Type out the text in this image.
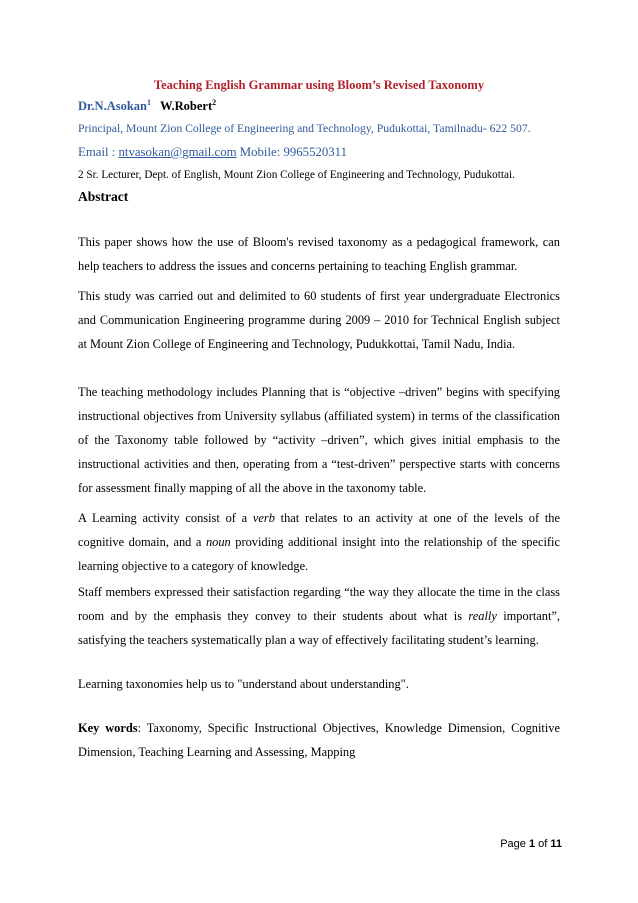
Teaching English Grammar using Bloom’s Revised Taxonomy
Dr.N.Asokan$^1$ W.Robert$^2$
Principal, Mount Zion College of Engineering and Technology, Pudukottai, Tamilnadu- 622 507.
Email : ntvasokan@gmail.com Mobile: 9965520311
2 Sr. Lecturer, Dept. of English, Mount Zion College of Engineering and Technology, Pudukottai.
Abstract

This paper shows how the use of Bloom's revised taxonomy as a pedagogical framework, can help teachers to address the issues and concerns pertaining to teaching English grammar.

This study was carried out and delimited to 60 students of first year undergraduate Electronics and Communication Engineering programme during 2009 – 2010 for Technical English subject at Mount Zion College of Engineering and Technology, Pudukkottai, Tamil Nadu, India.

The teaching methodology includes Planning that is “objective –driven” begins with specifying instructional objectives from University syllabus (affiliated system) in terms of the classification of the Taxonomy table followed by “activity –driven”, which gives initial emphasis to the instructional activities and then, operating from a “test-driven” perspective starts with concerns for assessment finally mapping of all the above in the taxonomy table.

A Learning activity consist of a verb that relates to an activity at one of the levels of the cognitive domain, and a noun providing additional insight into the relationship of the specific learning objective to a category of knowledge.

Staff members expressed their satisfaction regarding “the way they allocate the time in the class room and by the emphasis they convey to their students about what is really important”, satisfying the teachers systematically plan a way of effectively facilitating student’s learning.

Learning taxonomies help us to "understand about understanding".

Key words: Taxonomy, Specific Instructional Objectives, Knowledge Dimension, Cognitive Dimension, Teaching Learning and Assessing, Mapping

Page 1 of 11
